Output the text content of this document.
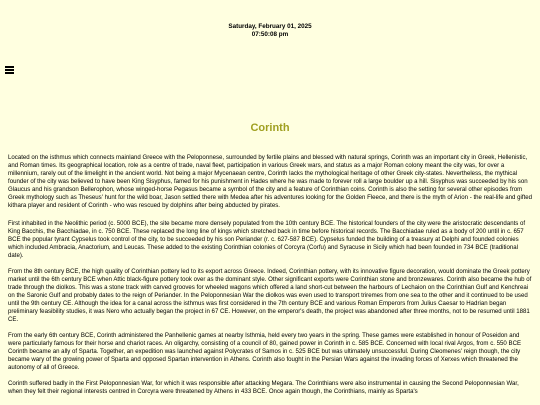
Saturday, February 01, 2025
07:50:08 pm
Corinth

Located on the isthmus which connects mainland Greece with the Peloponnese, surrounded by fertile plains and blessed with natural springs, Corinth was an important city in Greek, Hellenistic, and Roman times. Its geographical location, role as a centre of trade, naval fleet, participation in various Greek wars, and status as a major Roman colony meant the city was, for over a millennium, rarely out of the limelight in the ancient world. Not being a major Mycenaean centre, Corinth lacks the mythological heritage of other Greek city-states. Nevertheless, the mythical founder of the city was believed to have been King Sisyphus, famed for his punishment in Hades where he was made to forever roll a large boulder up a hill. Sisyphus was succeeded by his son Glaucus and his grandson Bellerophon, whose winged-horse Pegasus became a symbol of the city and a feature of Corinthian coins. Corinth is also the setting for several other episodes from Greek mythology such as Theseus' hunt for the wild boar, Jason settled there with Medea after his adventures looking for the Golden Fleece, and there is the myth of Arion - the real-life and gifted kithara player and resident of Corinth - who was rescued by dolphins after being abducted by pirates.

First inhabited in the Neolithic period (c. 5000 BCE), the site became more densely populated from the 10th century BCE. The historical founders of the city were the aristocratic descendants of King Bacchis, the Bacchiadae, in c. 750 BCE. These replaced the long line of kings which stretched back in time before historical records. The Bacchiadae ruled as a body of 200 until in c. 657 BCE the popular tyrant Cypselus took control of the city, to be succeeded by his son Periander (r. c. 627-587 BCE). Cypselus funded the building of a treasury at Delphi and founded colonies which included Ambracia, Anactorium, and Leucas. These added to the existing Corinthian colonies of Corcyra (Corfu) and Syracuse in Sicily which had been founded in 734 BCE (traditional date).

From the 8th century BCE, the high quality of Corinthian pottery led to its export across Greece. Indeed, Corinthian pottery, with its innovative figure decoration, would dominate the Greek pottery market until the 6th century BCE when Attic black-figure pottery took over as the dominant style. Other significant exports were Corinthian stone and bronzewares. Corinth also became the hub of trade through the diolkos. This was a stone track with carved grooves for wheeled wagons which offered a land short-cut between the harbours of Lechaion on the Corinthian Gulf and Kenchreai on the Saronic Gulf and probably dates to the reign of Periander. In the Peloponnesian War the diolkos was even used to transport triremes from one sea to the other and it continued to be used until the 9th century CE. Although the idea for a canal across the isthmus was first considered in the 7th century BCE and various Roman Emperors from Julius Caesar to Hadrian began preliminary feasibility studies, it was Nero who actually began the project in 67 CE. However, on the emperor's death, the project was abandoned after three months, not to be resumed until 1881 CE.

From the early 6th century BCE, Corinth administered the Panhellenic games at nearby Isthmia, held every two years in the spring. These games were established in honour of Poseidon and were particularly famous for their horse and chariot races. An oligarchy, consisting of a council of 80, gained power in Corinth in c. 585 BCE. Concerned with local rival Argos, from c. 550 BCE Corinth became an ally of Sparta. Together, an expedition was launched against Polycrates of Samos in c. 525 BCE but was ultimately unsuccessful. During Cleomenes' reign though, the city became wary of the growing power of Sparta and opposed Spartan intervention in Athens. Corinth also fought in the Persian Wars against the invading forces of Xerxes which threatened the autonomy of all of Greece.

Corinth suffered badly in the First Peloponnesian War, for which it was responsible after attacking Megara. The Corinthians were also instrumental in causing the Second Peloponnesian War, when they felt their regional interests centred in Corcyra were threatened by Athens in 433 BCE. Once again though, the Corinthians, mainly as Sparta's
